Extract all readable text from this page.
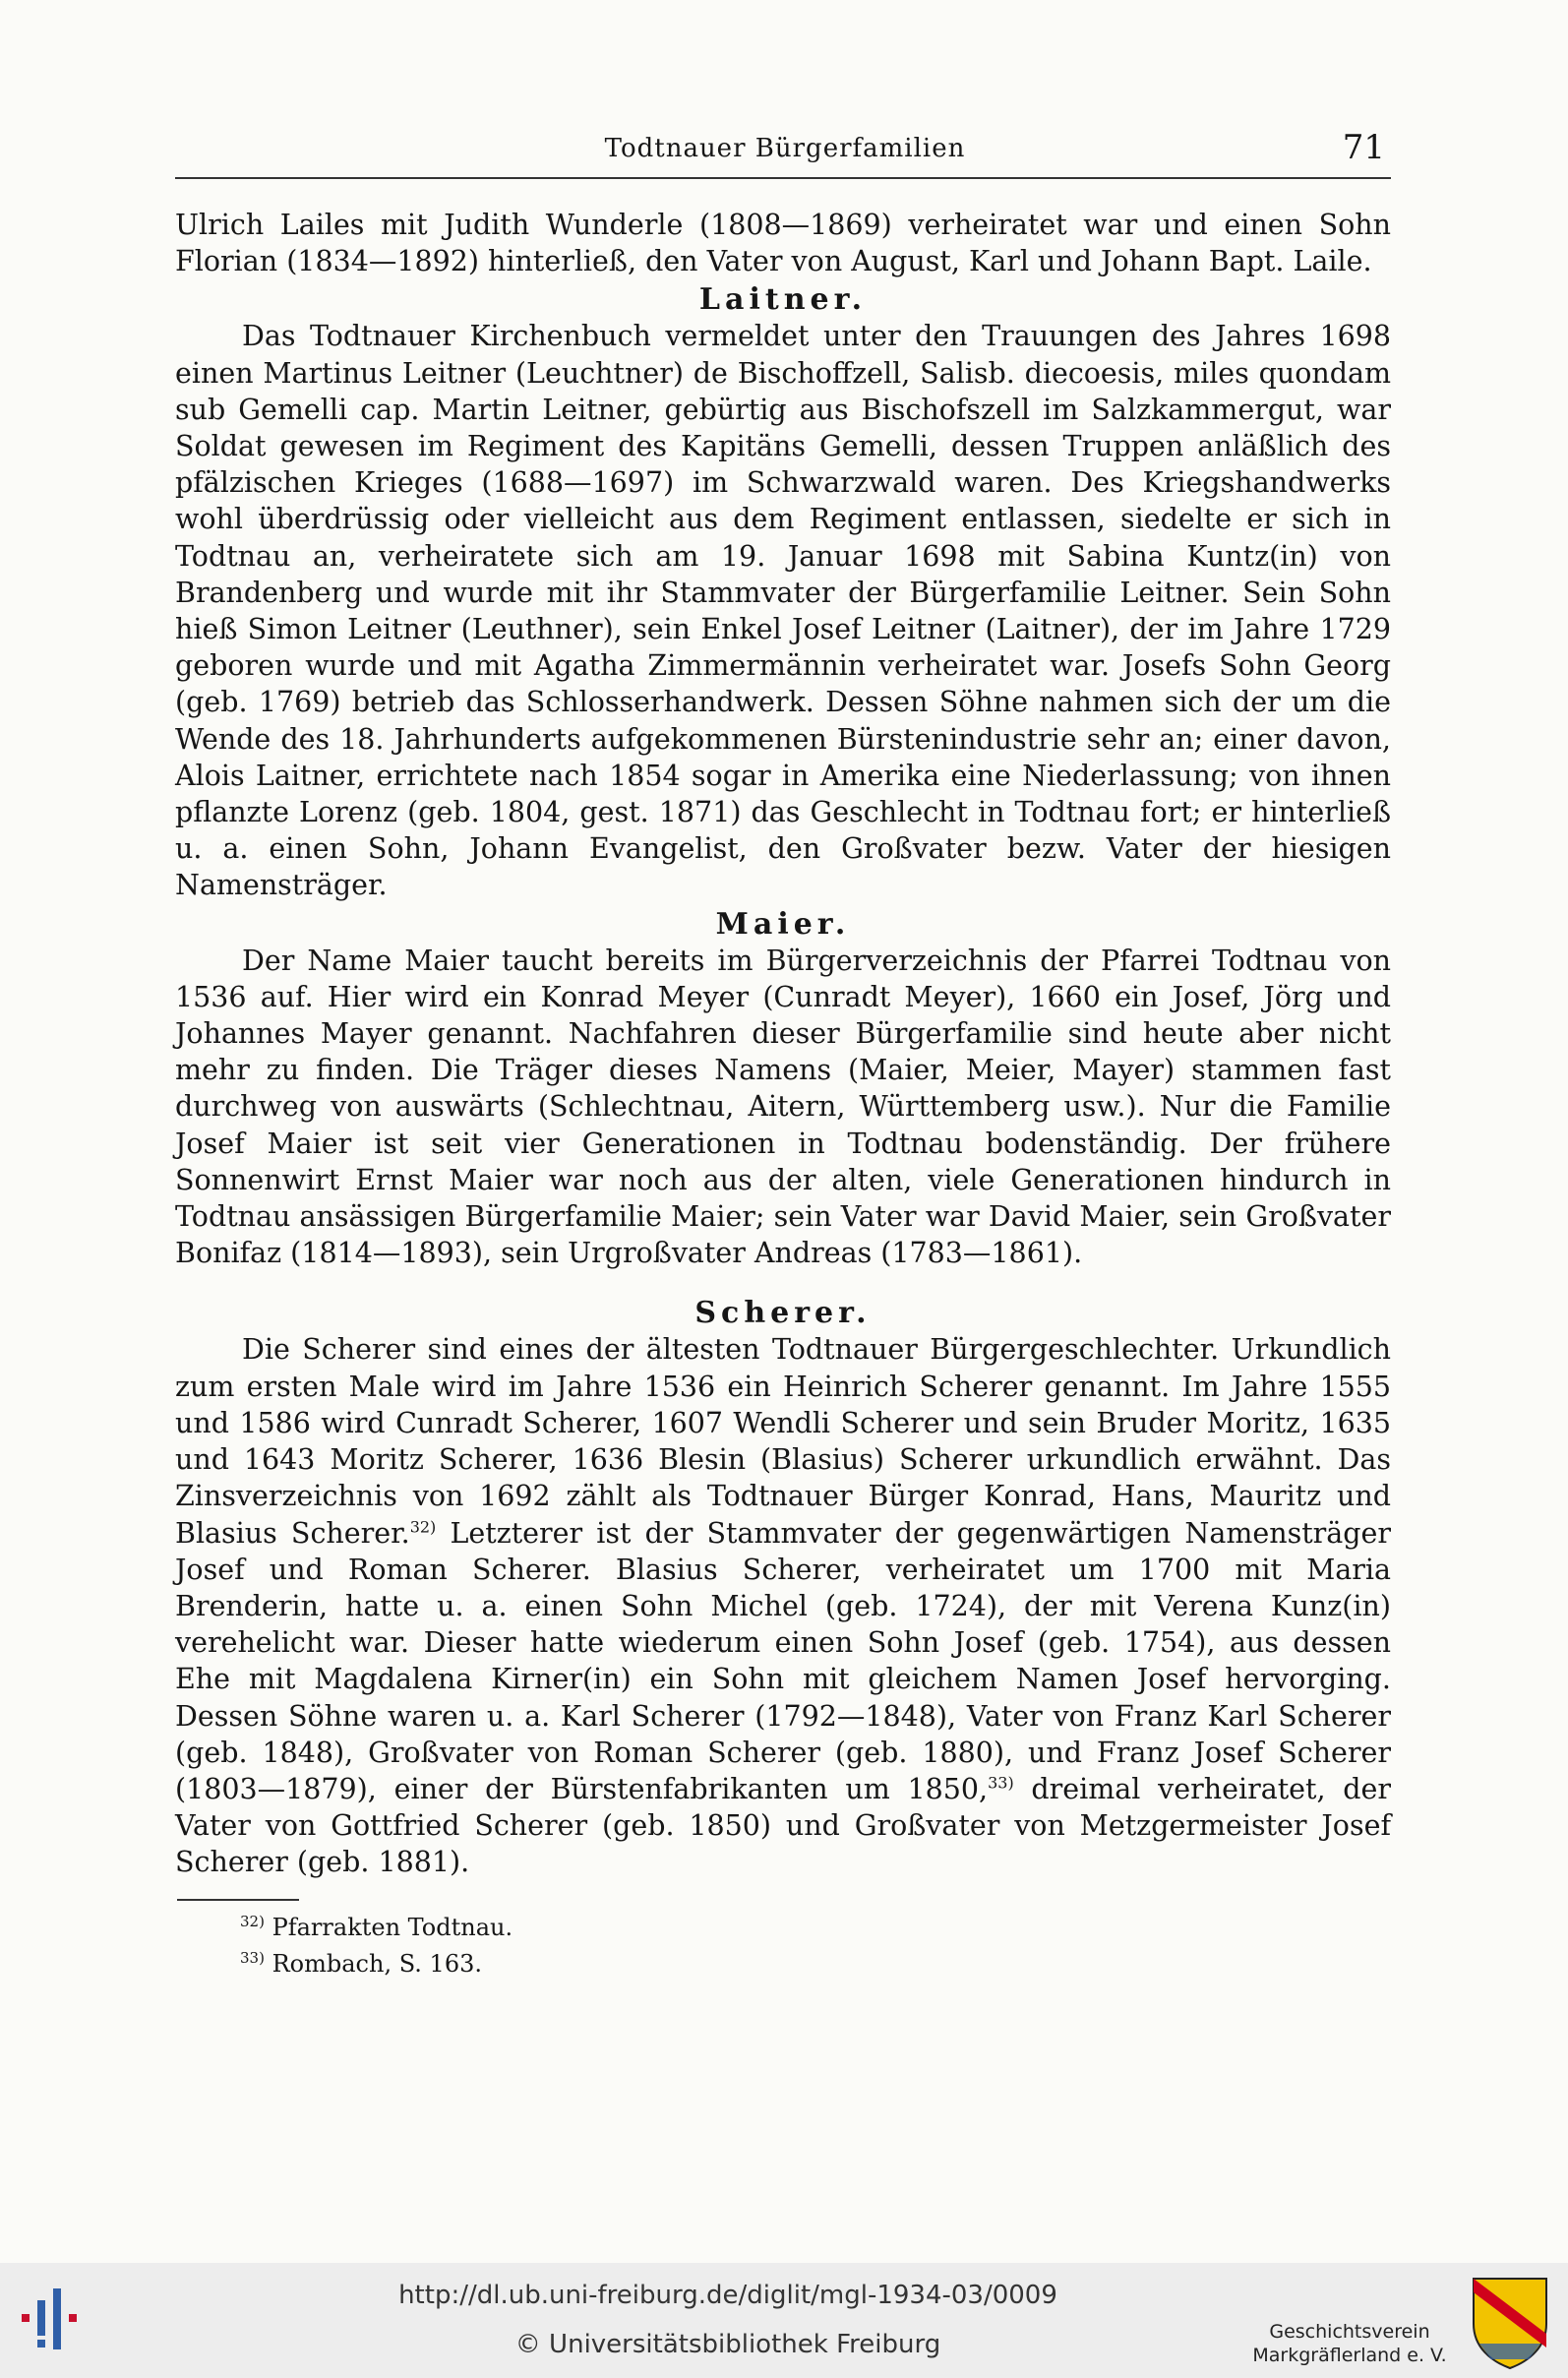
Todtnauer Bürgerfamilien	71

Ulrich Lailes mit Judith Wunderle (1808—1869) verheiratet war und einen Sohn Florian (1834—1892) hinterließ, den Vater von August, Karl und Johann Bapt. Laile.

Laitner.

Das Todtnauer Kirchenbuch vermeldet unter den Trauungen des Jahres 1698 einen Martinus Leitner (Leuchtner) de Bischoffzell, Salisb. diecoesis, miles quondam sub Gemelli cap. Martin Leitner, gebürtig aus Bischofszell im Salzkammergut, war Soldat gewesen im Regiment des Kapitäns Gemelli, dessen Truppen anläßlich des pfälzischen Krieges (1688—1697) im Schwarzwald waren. Des Kriegshandwerks wohl überdrüssig oder vielleicht aus dem Regiment entlassen, siedelte er sich in Todtnau an, verheiratete sich am 19. Januar 1698 mit Sabina Kuntz(in) von Brandenberg und wurde mit ihr Stammvater der Bürgerfamilie Leitner. Sein Sohn hieß Simon Leitner (Leuthner), sein Enkel Josef Leitner (Laitner), der im Jahre 1729 geboren wurde und mit Agatha Zimmermännin verheiratet war. Josefs Sohn Georg (geb. 1769) betrieb das Schlosserhandwerk. Dessen Söhne nahmen sich der um die Wende des 18. Jahrhunderts aufgekommenen Bürstenindustrie sehr an; einer davon, Alois Laitner, errichtete nach 1854 sogar in Amerika eine Niederlassung; von ihnen pflanzte Lorenz (geb. 1804, gest. 1871) das Geschlecht in Todtnau fort; er hinterließ u. a. einen Sohn, Johann Evangelist, den Großvater bezw. Vater der hiesigen Namensträger.

Maier.

Der Name Maier taucht bereits im Bürgerverzeichnis der Pfarrei Todtnau von 1536 auf. Hier wird ein Konrad Meyer (Cunradt Meyer), 1660 ein Josef, Jörg und Johannes Mayer genannt. Nachfahren dieser Bürgerfamilie sind heute aber nicht mehr zu finden. Die Träger dieses Namens (Maier, Meier, Mayer) stammen fast durchweg von auswärts (Schlechtnau, Aitern, Württemberg usw.). Nur die Familie Josef Maier ist seit vier Generationen in Todtnau bodenständig. Der frühere Sonnenwirt Ernst Maier war noch aus der alten, viele Generationen hindurch in Todtnau ansässigen Bürgerfamilie Maier; sein Vater war David Maier, sein Großvater Bonifaz (1814—1893), sein Urgroßvater Andreas (1783—1861).

Scherer.

Die Scherer sind eines der ältesten Todtnauer Bürgergeschlechter. Urkundlich zum ersten Male wird im Jahre 1536 ein Heinrich Scherer genannt. Im Jahre 1555 und 1586 wird Cunradt Scherer, 1607 Wendli Scherer und sein Bruder Moritz, 1635 und 1643 Moritz Scherer, 1636 Blesin (Blasius) Scherer urkundlich erwähnt. Das Zinsverzeichnis von 1692 zählt als Todtnauer Bürger Konrad, Hans, Mauritz und Blasius Scherer.$^{32)}$ Letzterer ist der Stammvater der gegenwärtigen Namensträger Josef und Roman Scherer. Blasius Scherer, verheiratet um 1700 mit Maria Brenderin, hatte u. a. einen Sohn Michel (geb. 1724), der mit Verena Kunz(in) verehelicht war. Dieser hatte wiederum einen Sohn Josef (geb. 1754), aus dessen Ehe mit Magdalena Kirner(in) ein Sohn mit gleichem Namen Josef hervorging. Dessen Söhne waren u. a. Karl Scherer (1792—1848), Vater von Franz Karl Scherer (geb. 1848), Großvater von Roman Scherer (geb. 1880), und Franz Josef Scherer (1803—1879), einer der Bürstenfabrikanten um 1850,$^{33)}$ dreimal verheiratet, der Vater von Gottfried Scherer (geb. 1850) und Großvater von Metzgermeister Josef Scherer (geb. 1881).

$^{32)}$ Pfarrakten Todtnau.
$^{33)}$ Rombach, S. 163.
http://dl.ub.uni-freiburg.de/diglit/mgl-1934-03/0009
© Universitätsbibliothek Freiburg	Geschichtsverein
Markgräflerland e. V.
